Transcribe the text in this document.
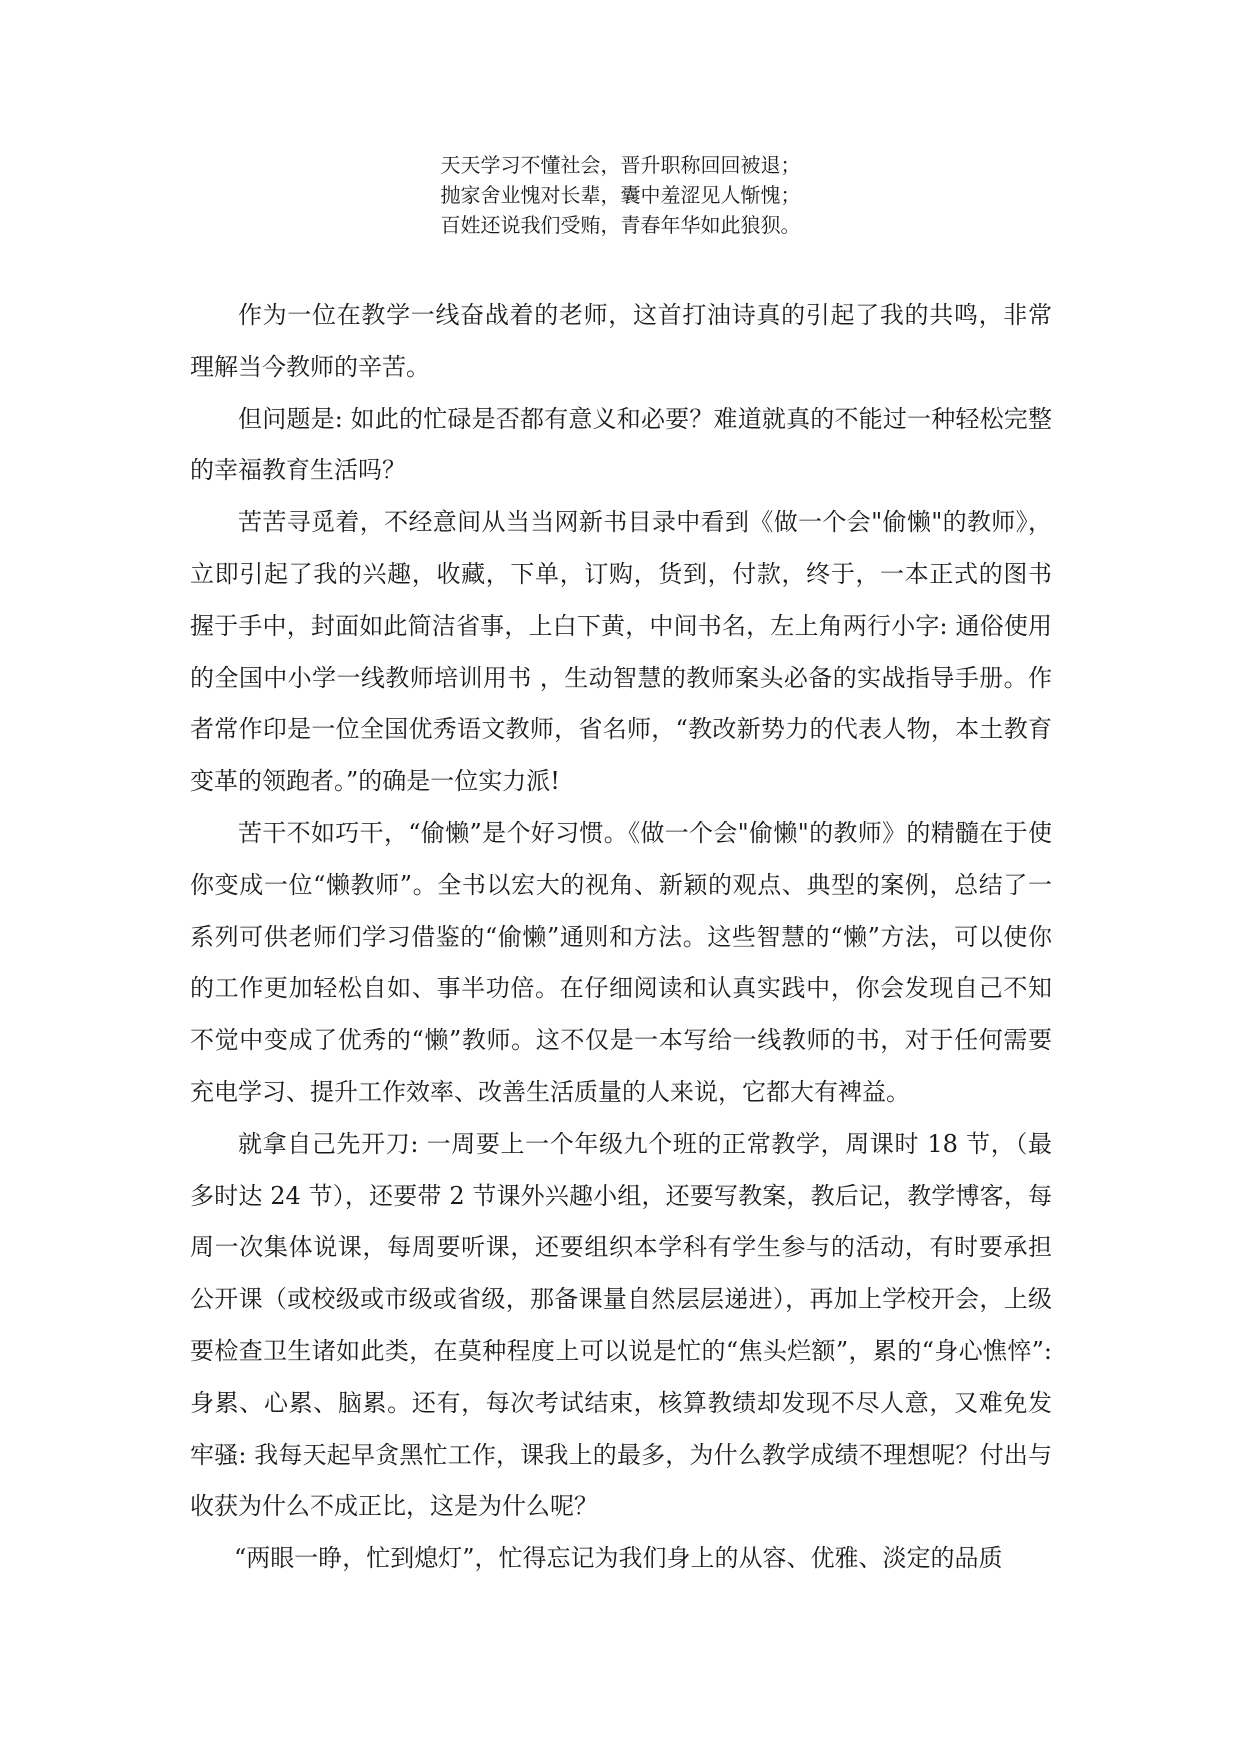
天天学习不懂社会，晋升职称回回被退；
抛家舍业愧对长辈，囊中羞涩见人惭愧；
百姓还说我们受贿，青春年华如此狼狈。

作为一位在教学一线奋战着的老师，这首打油诗真的引起了我的共鸣，非常理解当今教师的辛苦。

但问题是: 如此的忙碌是否都有意义和必要？难道就真的不能过一种轻松完整的幸福教育生活吗？

苦苦寻觅着，不经意间从当当网新书目录中看到《做一个会"偷懒"的教师》，立即引起了我的兴趣，收藏，下单，订购，货到，付款，终于，一本正式的图书握于手中，封面如此简洁省事，上白下黄，中间书名，左上角两行小字: 通俗使用的全国中小学一线教师培训用书 ，生动智慧的教师案头必备的实战指导手册。作者常作印是一位全国优秀语文教师，省名师，“教改新势力的代表人物，本土教育变革的领跑者。”的确是一位实力派!

苦干不如巧干，“偷懒”是个好习惯。《做一个会"偷懒"的教师》的精髓在于使你变成一位“懒教师”。全书以宏大的视角、新颖的观点、典型的案例，总结了一系列可供老师们学习借鉴的“偷懒”通则和方法。这些智慧的“懒”方法，可以使你的工作更加轻松自如、事半功倍。在仔细阅读和认真实践中，你会发现自己不知不觉中变成了优秀的“懒”教师。这不仅是一本写给一线教师的书，对于任何需要充电学习、提升工作效率、改善生活质量的人来说，它都大有裨益。

就拿自己先开刀: 一周要上一个年级九个班的正常教学，周课时 18 节，（最多时达 24 节），还要带 2 节课外兴趣小组，还要写教案，教后记，教学博客，每周一次集体说课，每周要听课，还要组织本学科有学生参与的活动，有时要承担公开课（或校级或市级或省级，那备课量自然层层递进），再加上学校开会，上级要检查卫生诸如此类，在莫种程度上可以说是忙的“焦头烂额”，累的“身心憔悴”: 身累、心累、脑累。还有，每次考试结束，核算教绩却发现不尽人意，又难免发牢骚: 我每天起早贪黑忙工作，课我上的最多，为什么教学成绩不理想呢？付出与收获为什么不成正比，这是为什么呢？

“两眼一睁，忙到熄灯”，忙得忘记为我们身上的从容、优雅、淡定的品质
